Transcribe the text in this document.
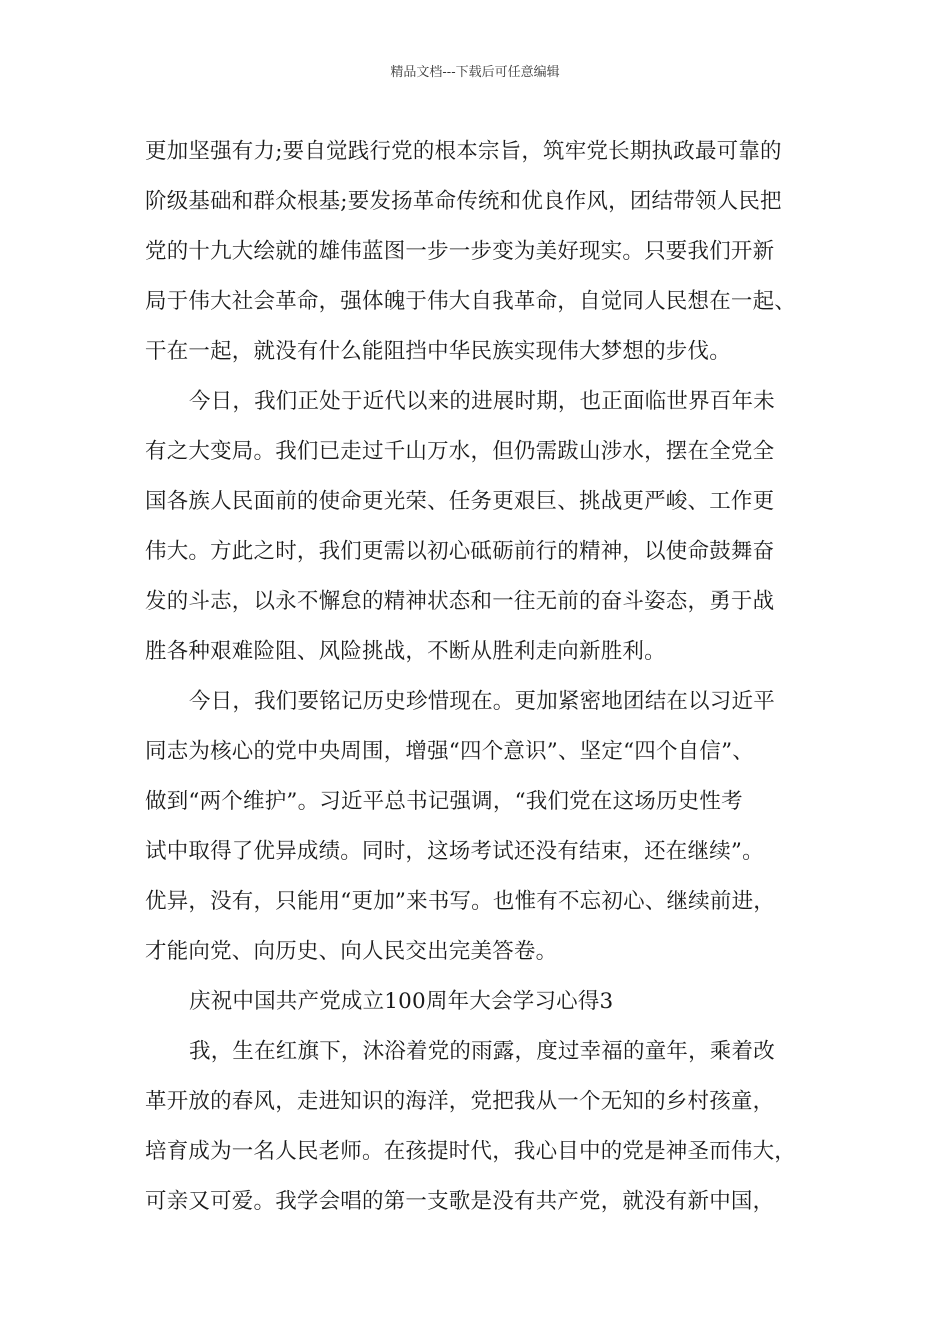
精品文档---下载后可任意编辑
更加坚强有力;要自觉践行党的根本宗旨，筑牢党长期执政最可靠的
阶级基础和群众根基;要发扬革命传统和优良作风，团结带领人民把
党的十九大绘就的雄伟蓝图一步一步变为美好现实。只要我们开新
局于伟大社会革命，强体魄于伟大自我革命，自觉同人民想在一起、
干在一起，就没有什么能阻挡中华民族实现伟大梦想的步伐。
今日，我们正处于近代以来的进展时期，也正面临世界百年未
有之大变局。我们已走过千山万水，但仍需跋山涉水，摆在全党全
国各族人民面前的使命更光荣、任务更艰巨、挑战更严峻、工作更
伟大。方此之时，我们更需以初心砥砺前行的精神，以使命鼓舞奋
发的斗志，以永不懈怠的精神状态和一往无前的奋斗姿态，勇于战
胜各种艰难险阻、风险挑战，不断从胜利走向新胜利。
今日，我们要铭记历史珍惜现在。更加紧密地团结在以习近平
同志为核心的党中央周围，增强“四个意识”、坚定“四个自信”、
做到“两个维护”。习近平总书记强调，“我们党在这场历史性考
试中取得了优异成绩。同时，这场考试还没有结束，还在继续”。
优异，没有，只能用“更加”来书写。也惟有不忘初心、继续前进，
才能向党、向历史、向人民交出完美答卷。
庆祝中国共产党成立100周年大会学习心得3
我，生在红旗下，沐浴着党的雨露，度过幸福的童年，乘着改
革开放的春风，走进知识的海洋，党把我从一个无知的乡村孩童，
培育成为一名人民老师。在孩提时代，我心目中的党是神圣而伟大，
可亲又可爱。我学会唱的第一支歌是没有共产党，就没有新中国，
